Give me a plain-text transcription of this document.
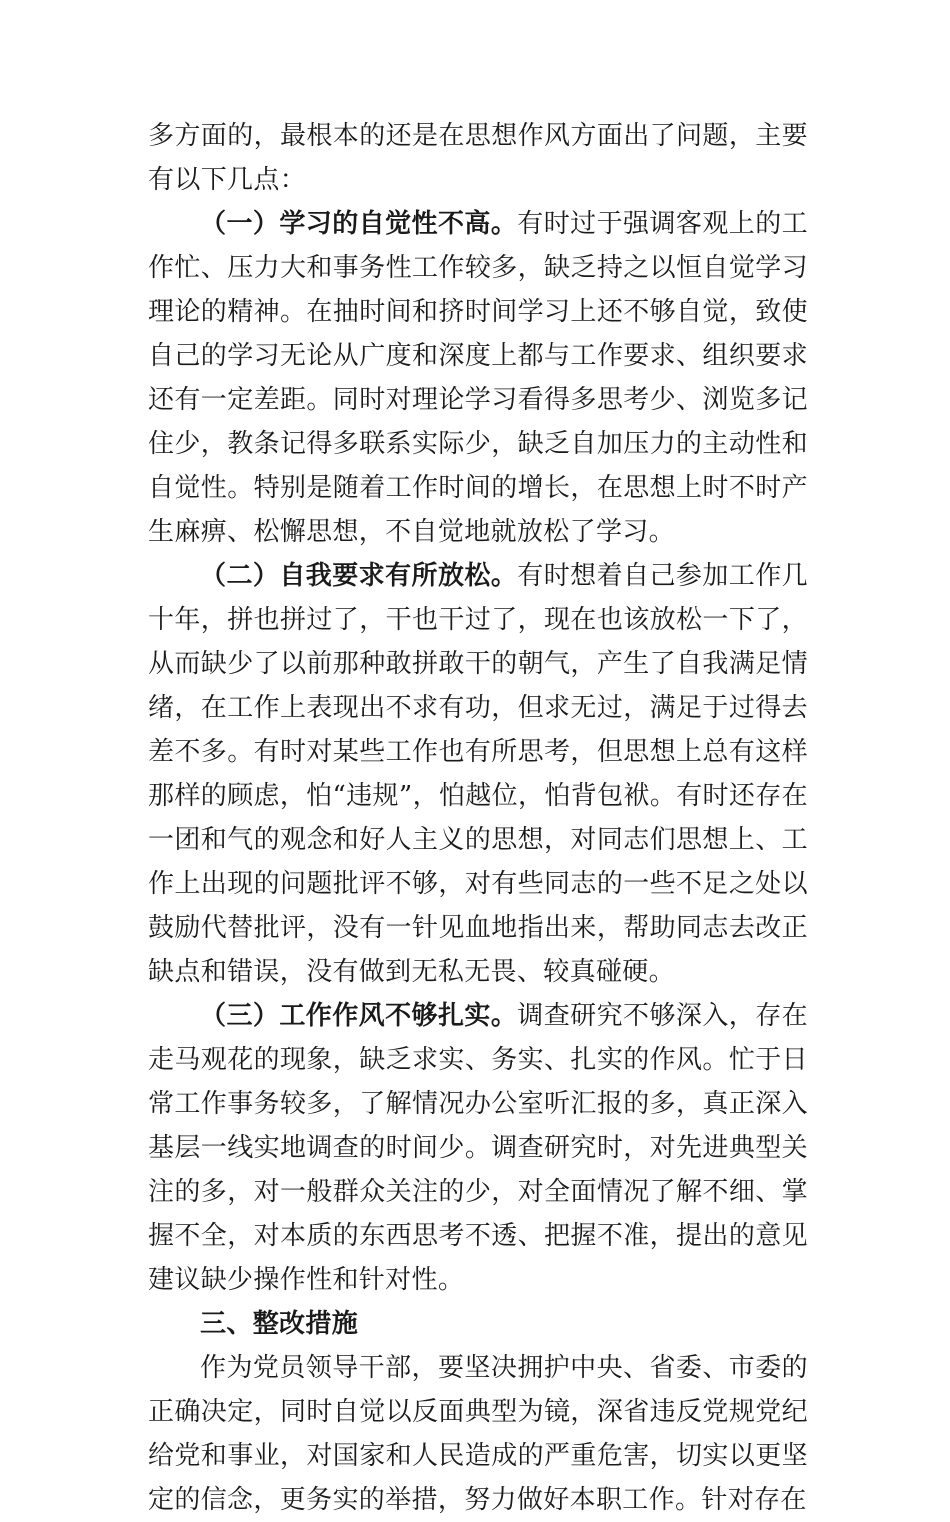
多方面的，最根本的还是在思想作风方面出了问题，主要有以下几点：

（一）学习的自觉性不高。有时过于强调客观上的工作忙、压力大和事务性工作较多，缺乏持之以恒自觉学习理论的精神。在抽时间和挤时间学习上还不够自觉，致使自己的学习无论从广度和深度上都与工作要求、组织要求还有一定差距。同时对理论学习看得多思考少、浏览多记住少，教条记得多联系实际少，缺乏自加压力的主动性和自觉性。特别是随着工作时间的增长，在思想上时不时产生麻痹、松懈思想，不自觉地就放松了学习。

（二）自我要求有所放松。有时想着自己参加工作几十年，拼也拼过了，干也干过了，现在也该放松一下了，从而缺少了以前那种敢拼敢干的朝气，产生了自我满足情绪，在工作上表现出不求有功，但求无过，满足于过得去差不多。有时对某些工作也有所思考，但思想上总有这样那样的顾虑，怕“违规”，怕越位，怕背包袱。有时还存在一团和气的观念和好人主义的思想，对同志们思想上、工作上出现的问题批评不够，对有些同志的一些不足之处以鼓励代替批评，没有一针见血地指出来，帮助同志去改正缺点和错误，没有做到无私无畏、较真碰硬。

（三）工作作风不够扎实。调查研究不够深入，存在走马观花的现象，缺乏求实、务实、扎实的作风。忙于日常工作事务较多，了解情况办公室听汇报的多，真正深入基层一线实地调查的时间少。调查研究时，对先进典型关注的多，对一般群众关注的少，对全面情况了解不细、掌握不全，对本质的东西思考不透、把握不准，提出的意见建议缺少操作性和针对性。

三、整改措施

作为党员领导干部，要坚决拥护中央、省委、市委的正确决定，同时自觉以反面典型为镜，深省违反党规党纪给党和事业，对国家和人民造成的严重危害，切实以更坚定的信念，更务实的举措，努力做好本职工作。针对存在
